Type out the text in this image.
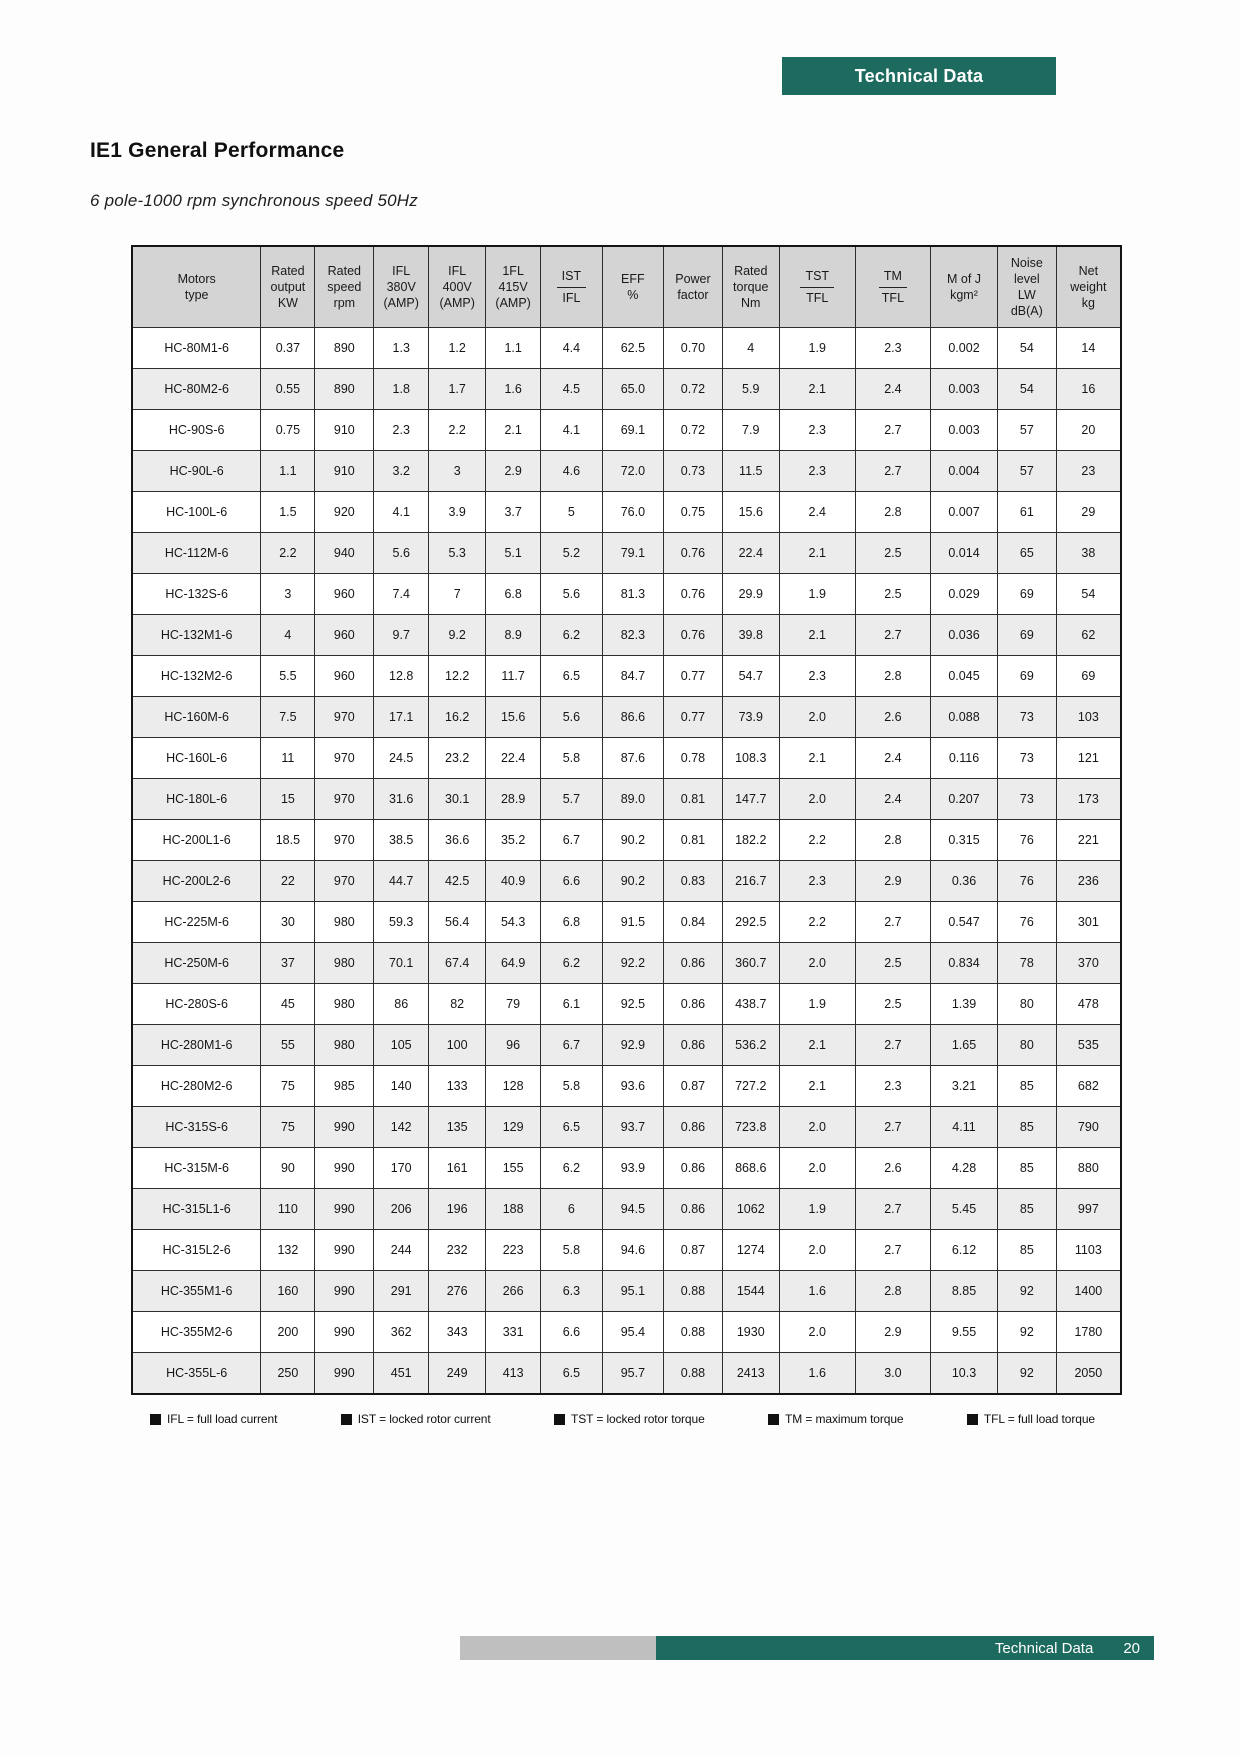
Technical Data
IE1 General Performance
6 pole-1000 rpm synchronous speed 50Hz
Motors
type	Rated
output
KW	Rated
speed
rpm	IFL
380V
(AMP)	IFL
400V
(AMP)	1FL
415V
(AMP)	$\frac{\text{IST}}{\text{IFL}}$	EFF
%	Power
factor	Rated
torque
Nm	$\frac{\text{TST}}{\text{TFL}}$	$\frac{TM}{\text{TFL}}$	M of J
kgm²	Noise
level
LW
dB(A)	Net
weight
kg

HC-80M1-6	0.37	890	1.3	1.2	1.1	4.4	62.5	0.70	4	1.9	2.3	0.002	54	14
HC-80M2-6	0.55	890	1.8	1.7	1.6	4.5	65.0	0.72	5.9	2.1	2.4	0.003	54	16
HC-90S-6	0.75	910	2.3	2.2	2.1	4.1	69.1	0.72	7.9	2.3	2.7	0.003	57	20
HC-90L-6	1.1	910	3.2	3	2.9	4.6	72.0	0.73	11.5	2.3	2.7	0.004	57	23
HC-100L-6	1.5	920	4.1	3.9	3.7	5	76.0	0.75	15.6	2.4	2.8	0.007	61	29
HC-112M-6	2.2	940	5.6	5.3	5.1	5.2	79.1	0.76	22.4	2.1	2.5	0.014	65	38
HC-132S-6	3	960	7.4	7	6.8	5.6	81.3	0.76	29.9	1.9	2.5	0.029	69	54
HC-132M1-6	4	960	9.7	9.2	8.9	6.2	82.3	0.76	39.8	2.1	2.7	0.036	69	62
HC-132M2-6	5.5	960	12.8	12.2	11.7	6.5	84.7	0.77	54.7	2.3	2.8	0.045	69	69
HC-160M-6	7.5	970	17.1	16.2	15.6	5.6	86.6	0.77	73.9	2.0	2.6	0.088	73	103
HC-160L-6	11	970	24.5	23.2	22.4	5.8	87.6	0.78	108.3	2.1	2.4	0.116	73	121
HC-180L-6	15	970	31.6	30.1	28.9	5.7	89.0	0.81	147.7	2.0	2.4	0.207	73	173
HC-200L1-6	18.5	970	38.5	36.6	35.2	6.7	90.2	0.81	182.2	2.2	2.8	0.315	76	221
HC-200L2-6	22	970	44.7	42.5	40.9	6.6	90.2	0.83	216.7	2.3	2.9	0.36	76	236
HC-225M-6	30	980	59.3	56.4	54.3	6.8	91.5	0.84	292.5	2.2	2.7	0.547	76	301
HC-250M-6	37	980	70.1	67.4	64.9	6.2	92.2	0.86	360.7	2.0	2.5	0.834	78	370
HC-280S-6	45	980	86	82	79	6.1	92.5	0.86	438.7	1.9	2.5	1.39	80	478
HC-280M1-6	55	980	105	100	96	6.7	92.9	0.86	536.2	2.1	2.7	1.65	80	535
HC-280M2-6	75	985	140	133	128	5.8	93.6	0.87	727.2	2.1	2.3	3.21	85	682
HC-315S-6	75	990	142	135	129	6.5	93.7	0.86	723.8	2.0	2.7	4.11	85	790
HC-315M-6	90	990	170	161	155	6.2	93.9	0.86	868.6	2.0	2.6	4.28	85	880
HC-315L1-6	110	990	206	196	188	6	94.5	0.86	1062	1.9	2.7	5.45	85	997
HC-315L2-6	132	990	244	232	223	5.8	94.6	0.87	1274	2.0	2.7	6.12	85	1103
HC-355M1-6	160	990	291	276	266	6.3	95.1	0.88	1544	1.6	2.8	8.85	92	1400
HC-355M2-6	200	990	362	343	331	6.6	95.4	0.88	1930	2.0	2.9	9.55	92	1780
HC-355L-6	250	990	451	249	413	6.5	95.7	0.88	2413	1.6	3.0	10.3	92	2050
IFL = full load current	IST = locked rotor current	TST = locked rotor torque	TM = maximum torque	TFL = full load torque
Technical Data 20
